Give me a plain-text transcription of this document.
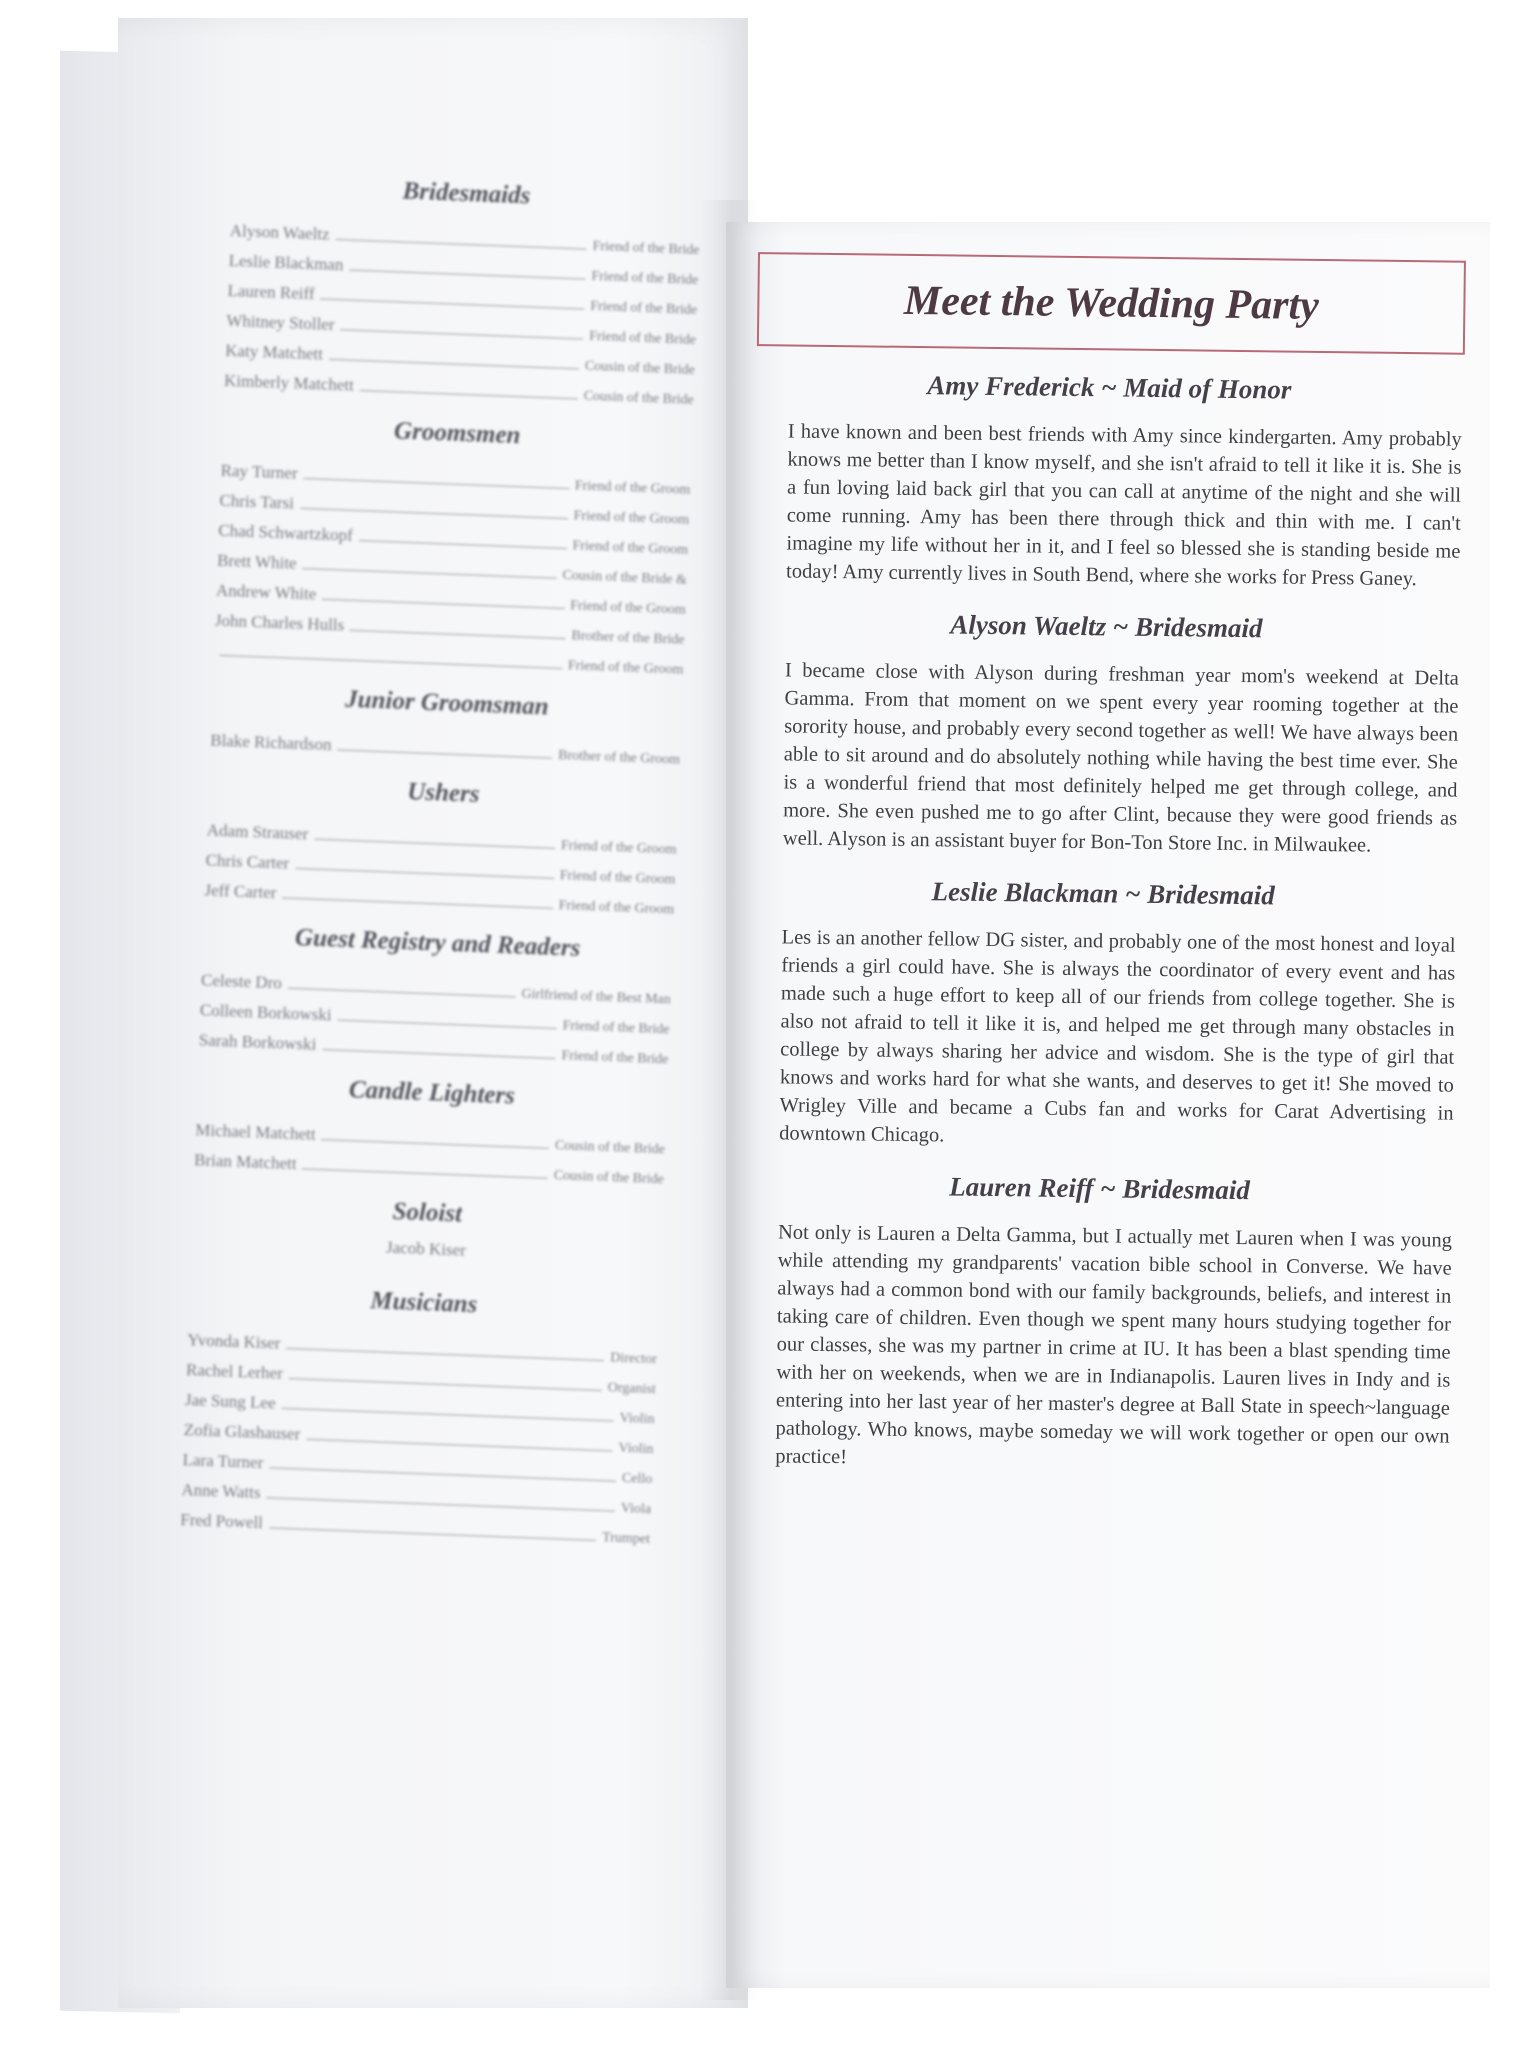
Bridesmaids
Alyson Waeltz
Friend of the Bride
Leslie Blackman
Friend of the Bride
Lauren Reiff
Friend of the Bride
Whitney Stoller
Friend of the Bride
Katy Matchett
Cousin of the Bride
Kimberly Matchett
Cousin of the Bride
Groomsmen
Ray Turner
Friend of the Groom
Chris Tarsi
Friend of the Groom
Chad Schwartzkopf
Friend of the Groom
Brett White
Cousin of the Bride &
Andrew White
Friend of the Groom
John Charles Hulls
Brother of the Bride
Friend of the Groom
Junior Groomsman
Blake Richardson
Brother of the Groom
Ushers
Adam Strauser
Friend of the Groom
Chris Carter
Friend of the Groom
Jeff Carter
Friend of the Groom
Guest Registry and Readers
Celeste Dro
Girlfriend of the Best Man
Colleen Borkowski
Friend of the Bride
Sarah Borkowski
Friend of the Bride
Candle Lighters
Michael Matchett
Cousin of the Bride
Brian Matchett
Cousin of the Bride
Soloist
Jacob Kiser
Musicians
Yvonda Kiser
Director
Rachel Lerher
Organist
Jae Sung Lee
Violin
Zofia Glashauser
Violin
Lara Turner
Cello
Anne Watts
Viola
Fred Powell
Trumpet
Meet the Wedding Party
Amy Frederick ~ Maid of Honor
I have known and been best friends with Amy since kindergarten. Amy probably knows me better than I know myself, and she isn't afraid to tell it like it is. She is a fun loving laid back girl that you can call at anytime of the night and she will come running. Amy has been there through thick and thin with me. I can't imagine my life without her in it, and I feel so blessed she is standing beside me today! Amy currently lives in South Bend, where she works for Press Ganey.
Alyson Waeltz ~ Bridesmaid
I became close with Alyson during freshman year mom's weekend at Delta Gamma. From that moment on we spent every year rooming together at the sorority house, and probably every second together as well! We have always been able to sit around and do absolutely nothing while having the best time ever. She is a wonderful friend that most definitely helped me get through college, and more. She even pushed me to go after Clint, because they were good friends as well. Alyson is an assistant buyer for Bon-Ton Store Inc. in Milwaukee.
Leslie Blackman ~ Bridesmaid
Les is an another fellow DG sister, and probably one of the most honest and loyal friends a girl could have. She is always the coordinator of every event and has made such a huge effort to keep all of our friends from college together. She is also not afraid to tell it like it is, and helped me get through many obstacles in college by always sharing her advice and wisdom. She is the type of girl that knows and works hard for what she wants, and deserves to get it! She moved to Wrigley Ville and became a Cubs fan and works for Carat Advertising in downtown Chicago.
Lauren Reiff ~ Bridesmaid
Not only is Lauren a Delta Gamma, but I actually met Lauren when I was young while attending my grandparents' vacation bible school in Converse. We have always had a common bond with our family backgrounds, beliefs, and interest in taking care of children. Even though we spent many hours studying together for our classes, she was my partner in crime at IU. It has been a blast spending time with her on weekends, when we are in Indianapolis. Lauren lives in Indy and is entering into her last year of her master's degree at Ball State in speech~language pathology. Who knows, maybe someday we will work together or open our own practice!
